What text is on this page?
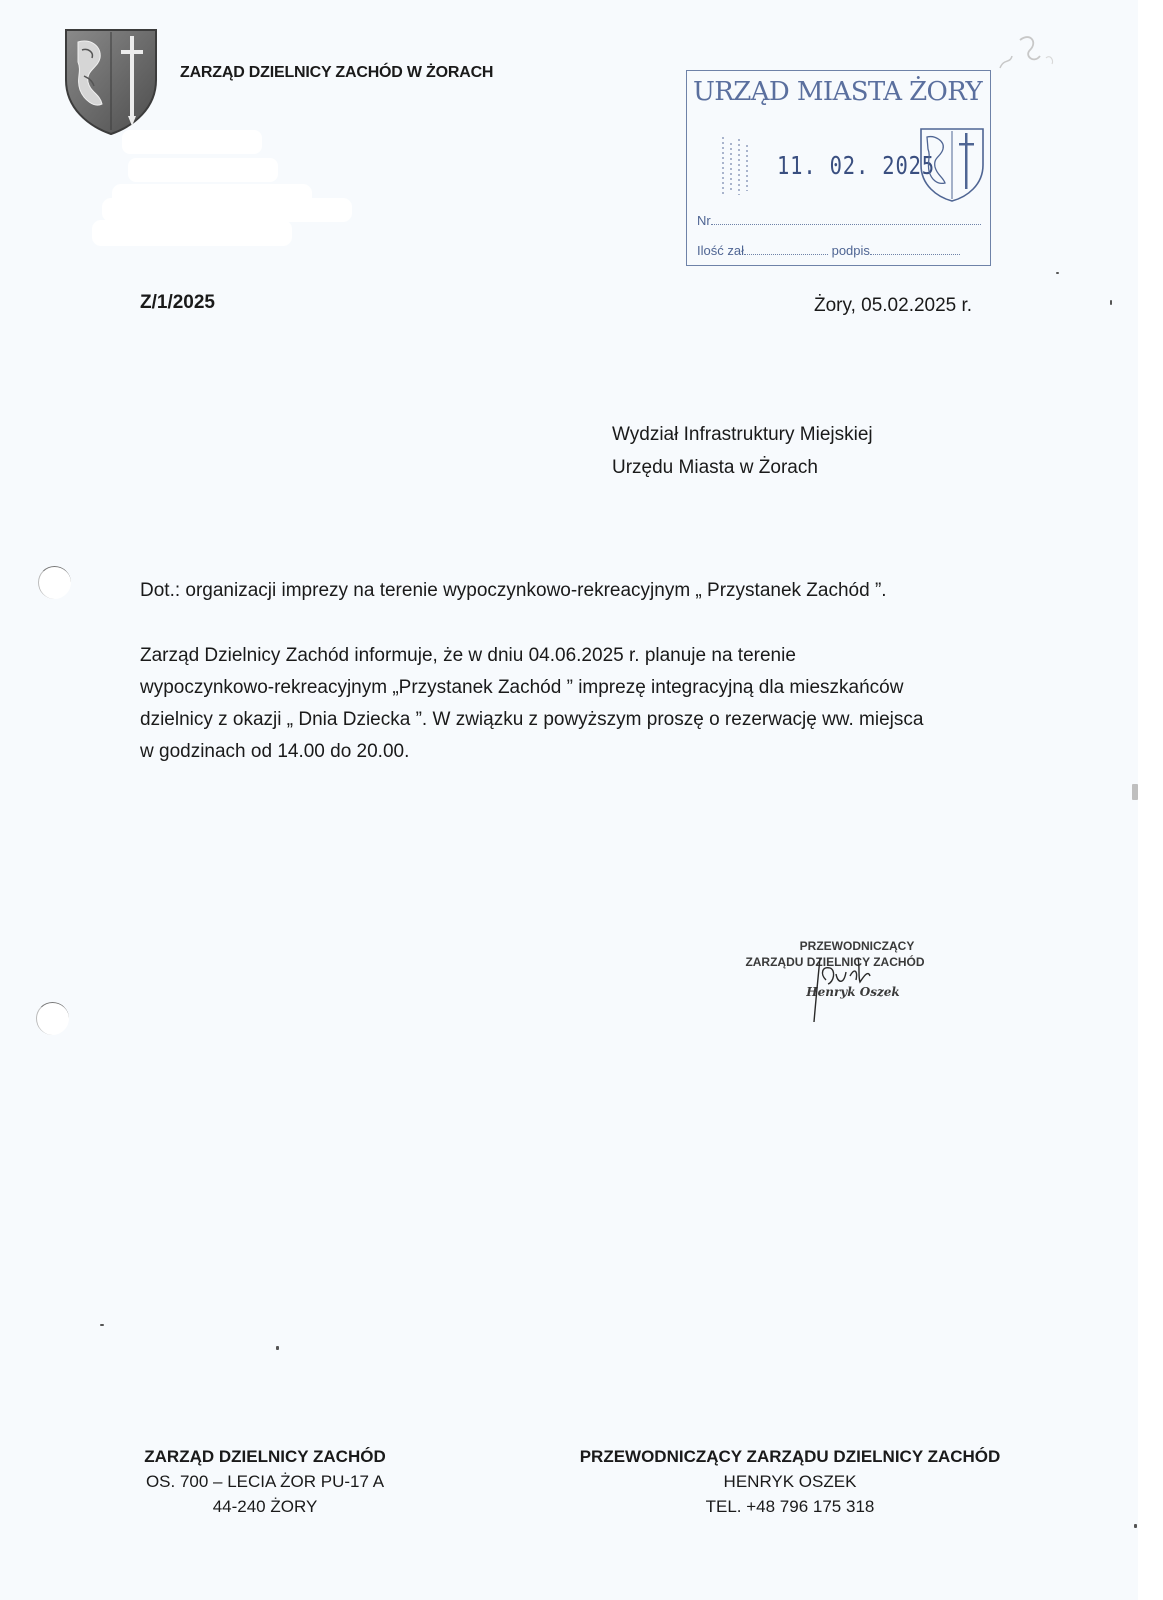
ZARZĄD DZIELNICY ZACHÓD W ŻORACH
URZĄD MIASTA ŻORY
11. 02. 2025
Nr
Ilość zał	podpis
Z/1/2025	Żory, 05.02.2025 r.
Wydział Infrastruktury Miejskiej
Urzędu Miasta w Żorach
Dot.: organizacji imprezy na terenie wypoczynkowo-rekreacyjnym „ Przystanek Zachód ”.
Zarząd Dzielnicy Zachód informuje, że w dniu 04.06.2025 r. planuje na terenie
wypoczynkowo-rekreacyjnym „Przystanek Zachód ” imprezę integracyjną dla mieszkańców
dzielnicy z okazji „ Dnia Dziecka ”. W związku z powyższym proszę o rezerwację ww. miejsca
w godzinach od 14.00 do 20.00.
PRZEWODNICZĄCY
ZARZĄDU DZIELNICY ZACHÓD
Henryk Oszek
ZARZĄD DZIELNICY ZACHÓD
OS. 700 – LECIA ŻOR PU-17 A
44-240 ŻORY
PRZEWODNICZĄCY ZARZĄDU DZIELNICY ZACHÓD
HENRYK OSZEK
TEL. +48 796 175 318
